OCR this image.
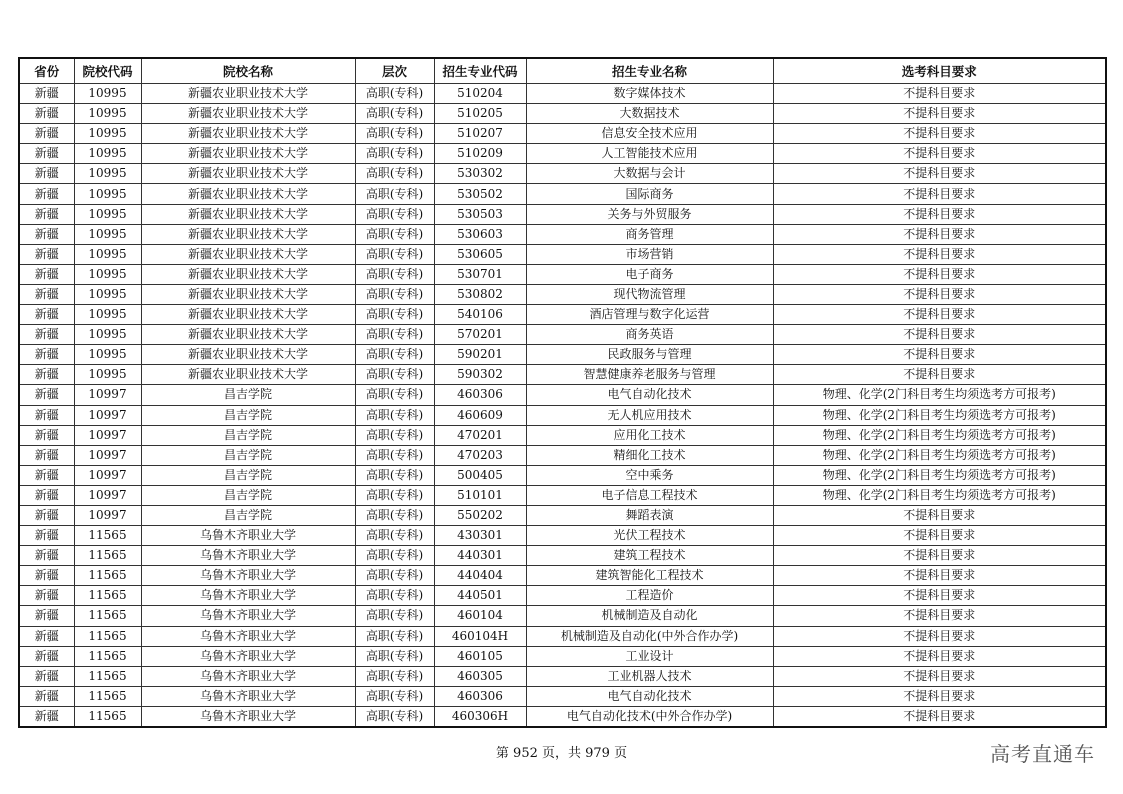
省份	院校代码	院校名称	层次	招生专业代码	招生专业名称	选考科目要求
新疆	10995	新疆农业职业技术大学	高职(专科)	510204	数字媒体技术	不提科目要求
新疆	10995	新疆农业职业技术大学	高职(专科)	510205	大数据技术	不提科目要求
新疆	10995	新疆农业职业技术大学	高职(专科)	510207	信息安全技术应用	不提科目要求
新疆	10995	新疆农业职业技术大学	高职(专科)	510209	人工智能技术应用	不提科目要求
新疆	10995	新疆农业职业技术大学	高职(专科)	530302	大数据与会计	不提科目要求
新疆	10995	新疆农业职业技术大学	高职(专科)	530502	国际商务	不提科目要求
新疆	10995	新疆农业职业技术大学	高职(专科)	530503	关务与外贸服务	不提科目要求
新疆	10995	新疆农业职业技术大学	高职(专科)	530603	商务管理	不提科目要求
新疆	10995	新疆农业职业技术大学	高职(专科)	530605	市场营销	不提科目要求
新疆	10995	新疆农业职业技术大学	高职(专科)	530701	电子商务	不提科目要求
新疆	10995	新疆农业职业技术大学	高职(专科)	530802	现代物流管理	不提科目要求
新疆	10995	新疆农业职业技术大学	高职(专科)	540106	酒店管理与数字化运营	不提科目要求
新疆	10995	新疆农业职业技术大学	高职(专科)	570201	商务英语	不提科目要求
新疆	10995	新疆农业职业技术大学	高职(专科)	590201	民政服务与管理	不提科目要求
新疆	10995	新疆农业职业技术大学	高职(专科)	590302	智慧健康养老服务与管理	不提科目要求
新疆	10997	昌吉学院	高职(专科)	460306	电气自动化技术	物理、化学(2门科目考生均须选考方可报考)
新疆	10997	昌吉学院	高职(专科)	460609	无人机应用技术	物理、化学(2门科目考生均须选考方可报考)
新疆	10997	昌吉学院	高职(专科)	470201	应用化工技术	物理、化学(2门科目考生均须选考方可报考)
新疆	10997	昌吉学院	高职(专科)	470203	精细化工技术	物理、化学(2门科目考生均须选考方可报考)
新疆	10997	昌吉学院	高职(专科)	500405	空中乘务	物理、化学(2门科目考生均须选考方可报考)
新疆	10997	昌吉学院	高职(专科)	510101	电子信息工程技术	物理、化学(2门科目考生均须选考方可报考)
新疆	10997	昌吉学院	高职(专科)	550202	舞蹈表演	不提科目要求
新疆	11565	乌鲁木齐职业大学	高职(专科)	430301	光伏工程技术	不提科目要求
新疆	11565	乌鲁木齐职业大学	高职(专科)	440301	建筑工程技术	不提科目要求
新疆	11565	乌鲁木齐职业大学	高职(专科)	440404	建筑智能化工程技术	不提科目要求
新疆	11565	乌鲁木齐职业大学	高职(专科)	440501	工程造价	不提科目要求
新疆	11565	乌鲁木齐职业大学	高职(专科)	460104	机械制造及自动化	不提科目要求
新疆	11565	乌鲁木齐职业大学	高职(专科)	460104H	机械制造及自动化(中外合作办学)	不提科目要求
新疆	11565	乌鲁木齐职业大学	高职(专科)	460105	工业设计	不提科目要求
新疆	11565	乌鲁木齐职业大学	高职(专科)	460305	工业机器人技术	不提科目要求
新疆	11565	乌鲁木齐职业大学	高职(专科)	460306	电气自动化技术	不提科目要求
新疆	11565	乌鲁木齐职业大学	高职(专科)	460306H	电气自动化技术(中外合作办学)	不提科目要求
第 952 页，共 979 页	高考直通车
